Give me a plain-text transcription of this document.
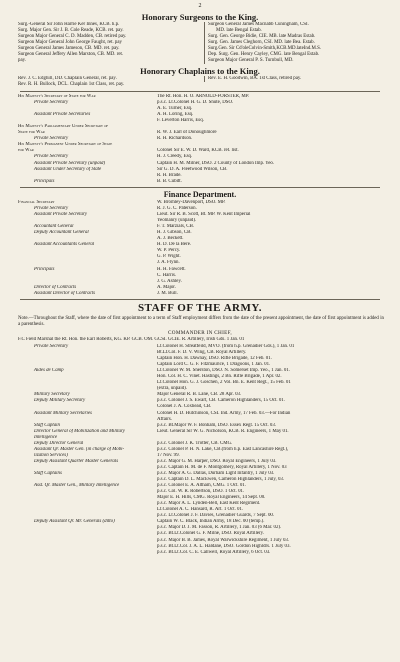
2
Honorary Surgeons to the King.
Surg.-General Sir John Harrie Ker Innes, KCB. h.p.
Surg. Major Gen. Sir J. B. Cole Reade, KCB. ret. pay.
Surgeon Major General C. D. Madden, CB. retired pay.
Surgeon Major General John George Faught, ret. pay
Surgeon General James Jameson, CB. MD. ret. pay.
Surgeon General Jeffery Allen Marston, CB. MD. ret.
pay.
Surgeon General James Macnabb Cuningham, CSI.
MD. late Bengal Estab.
Surg. Gen. George Bidie, CIE. MB. late Madras Estab.
Surg. Gen. James Cleghorn, CSI. MD. late Bea. Estab.
Surg.Gen. Sir Cd'oleColvin-Smith,KCB.MD.lateInd.M.S.
Dep. Surg. Gen. Henry Cayley, CMG. late Bengal Estab.
Surgeon Major General P. S. Turnbull, MD.
Honorary Chaplains to the King.
Rev. J. C. Edghill, DD. Chaplain General, ret. pay.
Rev. R. H. Bullock, DCL. Chaplain 1st Class, ret. pay.
Rev. E. H. Goodwin, BA. 1st Class, retired pay.
His Majesty's Secretary of State for War	The Rt. Hon. H. O. ARNOLD-FORSTER, MP.
Private Secretary	p.s.c. Lt.Colonel H. G. D. Shute, DSO.
A. E. Turner, Esq.
Assistant Private Secretaries	A. H. Loring, Esq.
F. Leverton Harris, Esq.
His Majesty's Parliamentary Under Secretary of
State for War	R. W. J. Earl of Donoughmore
Private Secretary	R. H. Richardson.
His Majesty's Permanent Under Secretary of State
for War	Colonel Sir E. W. D. Ward, KCB. ret. list.
Private Secretary	H. J. Creedy, Esq.
Assistant Private Secretary (unpaid)	Captain H. M. Milner, DSO. 2 County of London Imp. Yeo.
Assistant Under Secretary of State	Sir G. D. A. Fleetwood Wilson, CB.
R. H. Brade.
Principals	B. B. Cubitt.
Finance Department.
Financial Secretary	W. Bromley-Davenport, DSO. MP.
Private Secretary	R. J. G. C. Paterson.
Assistant Private Secretary	Lieut. Sir R. B. Scott, Bt. MP. W. Kent Imperial
Yeomanry (unpaid).
Accountant General	F. T. Marzials, CB.
Deputy Accountant General	H. J. Gibson, CB.
A. J. Beckett.
Assistant Accountants General	H. D. De la Bere.
W. P. Percy.
G. P. Wight.
J. A. Flynn.
Principals	H. H. Fawcett.
C. Harris.
J. G. Ashley.
Director of Contracts	A. Major.
Assistant Director of Contracts	J. M. Bull.
STAFF OF THE ARMY.
Note.—Throughout the Staff, where the date of first appointment to a term of Staff employment differs from the date of the present appointment, the date of first appointment is added in a parenthesis.
COMMANDER IN CHIEF,
F.C Field Marshal the Rt. Hon. the Earl Roberts, KG. KP. GCB. OM. GCSI. GCIE. R. Artillery, Irish Gds. 1 Jan. 01
Private Secretary	Lt.Colonel H. Streatfeild, MVO. (from h.p. Grenadier Gds.), 1 Jan. 01
Bt.Lt.Col. F. D. V. Wing, CB. Royal Artillery.
Captain Hon. H. Dawnay, DSO. Rifle Brigade, 12 Feb. 01.
Captain Lord C. G. F. Fitzmaurice, 1 Dragoons, 1 Jan. 01.
Aides de Camp	Lt.Colonel W. M. Sherston, DSO. N. Somerset Imp. Yeo., 1 Jan. 01.
Hon. Col. H. C. Vinet. Hastings, 2 Bn. Rifle Brigade, 1 Apr. 02.
Lt.Colonel Hon. G. J. Goschen, 2 Vol. Bn. E. Kent Regt., 15 Feb. 01
(extra, unpaid).
Military Secretary	Major General R. B. Lane, CB. 28 Apr. 03.
Deputy Military Secretary	p.s.c. Colonel J. S. Ewart, CB. Cameron Highlanders, 15 Oct. 01.
Colonel J. A. Coxhead, CB.
Assistant Military Secretaries	Colonel H. D. Hutchinson, CSI. Ind. Army, 17 Feb. 03.—For Indian
Affairs.
Staff Captain	p.s.c. Bt.Major W. F. Bonham, DSO. Essex Regt. 15 Oct. 03.
Director General of Mobilization and Military	Lieut. General Sir W. G. Nicholson, KCB. R. Engineers, 1 May 01.
Intelligence
Deputy Director General	p.s.c. Colonel J. K. Trotter, CB. CMG.
Assistant Qr. Master Gen. (in charge of Mobi-	p.s.c. Colonel P. H. N. Lake, CB.(from h.p. East Lancashire Regt.),
lization Services)	17 Nov. 99.
Deputy Assistant Quarter Master Generals	p.s.c. Major G. M. Harper, DSO. Royal Engineers, 1 July 03.
p.s.c. Captain H. M. de F. Montgomery, Royal Artillery, 1 Nov. 03
Staff Captains	p.s.c. Major A. G. Dallas, Durham Light Infantry, 1 July 03.
p.s.c. Captain D. L. MacEwen, Cameron Highlanders, 1 July, 03.
Asst. Qr. Master Gen., Military Intelligence	p.s.c. Colonel E. A. Altham, CMG. 1 Oct. 01.
p.s.c. Col. W. R. Robertson, DSO. 1 Oct. 01.
Major E. H. Hills, CMG. Royal Engineers, 14 Sept. 00.
p.s.c. Major A. L. Lynden-Bell, East Kent Regiment.
Lt.Colonel A. C. Hansard, R. Art. 1 Oct. 01.
p.s.c. Lt.Colonel J. F. Davies, Grenadier Guards, 7 Sept. 00.
Deputy Assistant Qr. Mr. Generals (ditto)	Captain W. C. Black, Indian Army, 18 Dec. 00 (temp.).
p.s.c. Major D. J. M. Fasson, R. Artillery, 1 Jan. 03 (6 Mar. 02).
p.s.c. Bt.Lt.Colonel G. F. Milne, DSO. Royal Artillery.
p.s.c. Major B. B. James, Royal Warwickshire Regiment, 1 July 03.
p.s.c. Bt.Lt.Col. J. A. L. Haldane, DSO. Gordon Highldrs. 1 July 03.
p.s.c. Bt.Lt.Col. C. E. Callwell, Royal Artillery, 6 Oct. 03.
